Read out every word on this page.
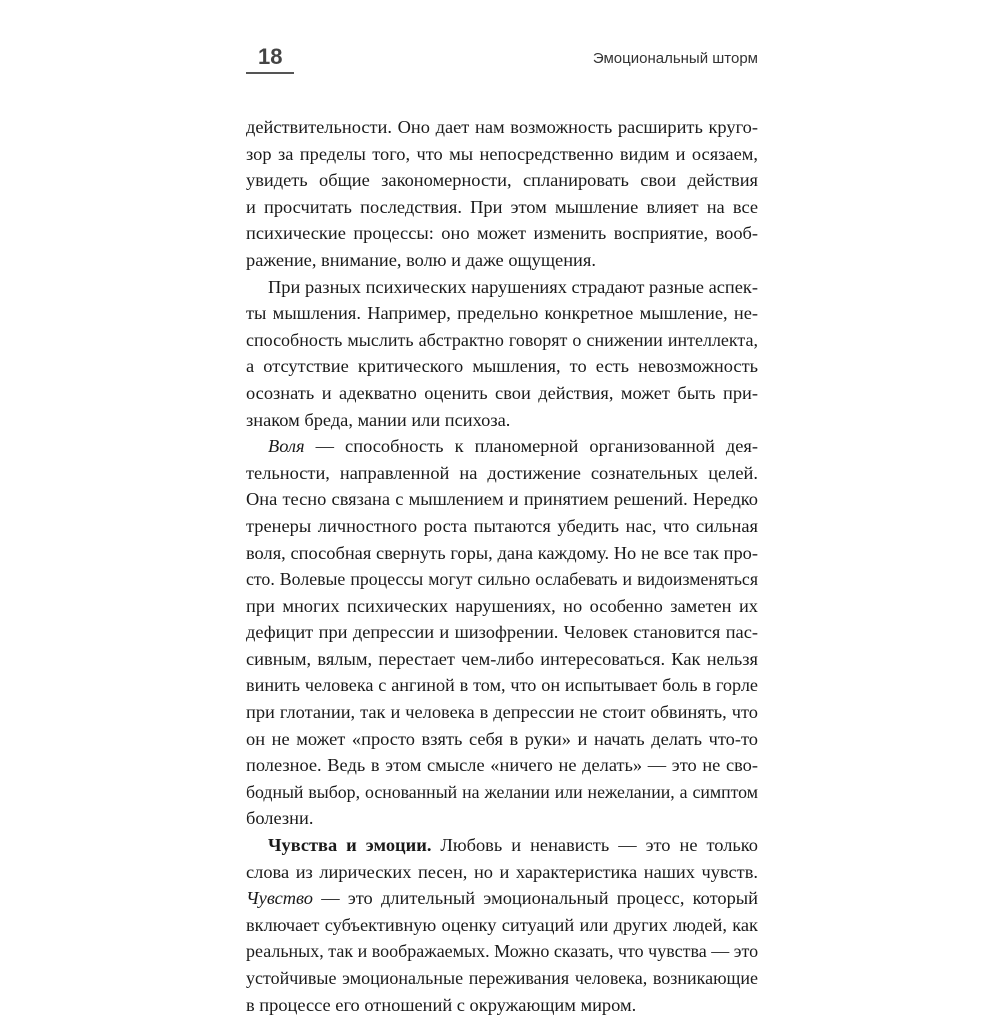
18	Эмоциональный шторм
действительности. Оно дает нам возможность расширить круго-
зор за пределы того, что мы непосредственно видим и осязаем,
увидеть общие закономерности, спланировать свои действия
и просчитать последствия. При этом мышление влияет на все
психические процессы: оно может изменить восприятие, вооб-
ражение, внимание, волю и даже ощущения.
При разных психических нарушениях страдают разные аспек-
ты мышления. Например, предельно конкретное мышление, не-
способность мыслить абстрактно говорят о снижении интеллекта,
а отсутствие критического мышления, то есть невозможность
осознать и адекватно оценить свои действия, может быть при-
знаком бреда, мании или психоза.
Воля — способность к планомерной организованной дея-
тельности, направленной на достижение сознательных целей.
Она тесно связана с мышлением и принятием решений. Нередко
тренеры личностного роста пытаются убедить нас, что сильная
воля, способная свернуть горы, дана каждому. Но не все так про-
сто. Волевые процессы могут сильно ослабевать и видоизменяться
при многих психических нарушениях, но особенно заметен их
дефицит при депрессии и шизофрении. Человек становится пас-
сивным, вялым, перестает чем-либо интересоваться. Как нельзя
винить человека с ангиной в том, что он испытывает боль в горле
при глотании, так и человека в депрессии не стоит обвинять, что
он не может «просто взять себя в руки» и начать делать что-то
полезное. Ведь в этом смысле «ничего не делать» — это не сво-
бодный выбор, основанный на желании или нежелании, а симптом
болезни.
Чувства и эмоции. Любовь и ненависть — это не только
слова из лирических песен, но и характеристика наших чувств.
Чувство — это длительный эмоциональный процесс, который
включает субъективную оценку ситуаций или других людей, как
реальных, так и воображаемых. Можно сказать, что чувства — это
устойчивые эмоциональные переживания человека, возникающие
в процессе его отношений с окружающим миром.
